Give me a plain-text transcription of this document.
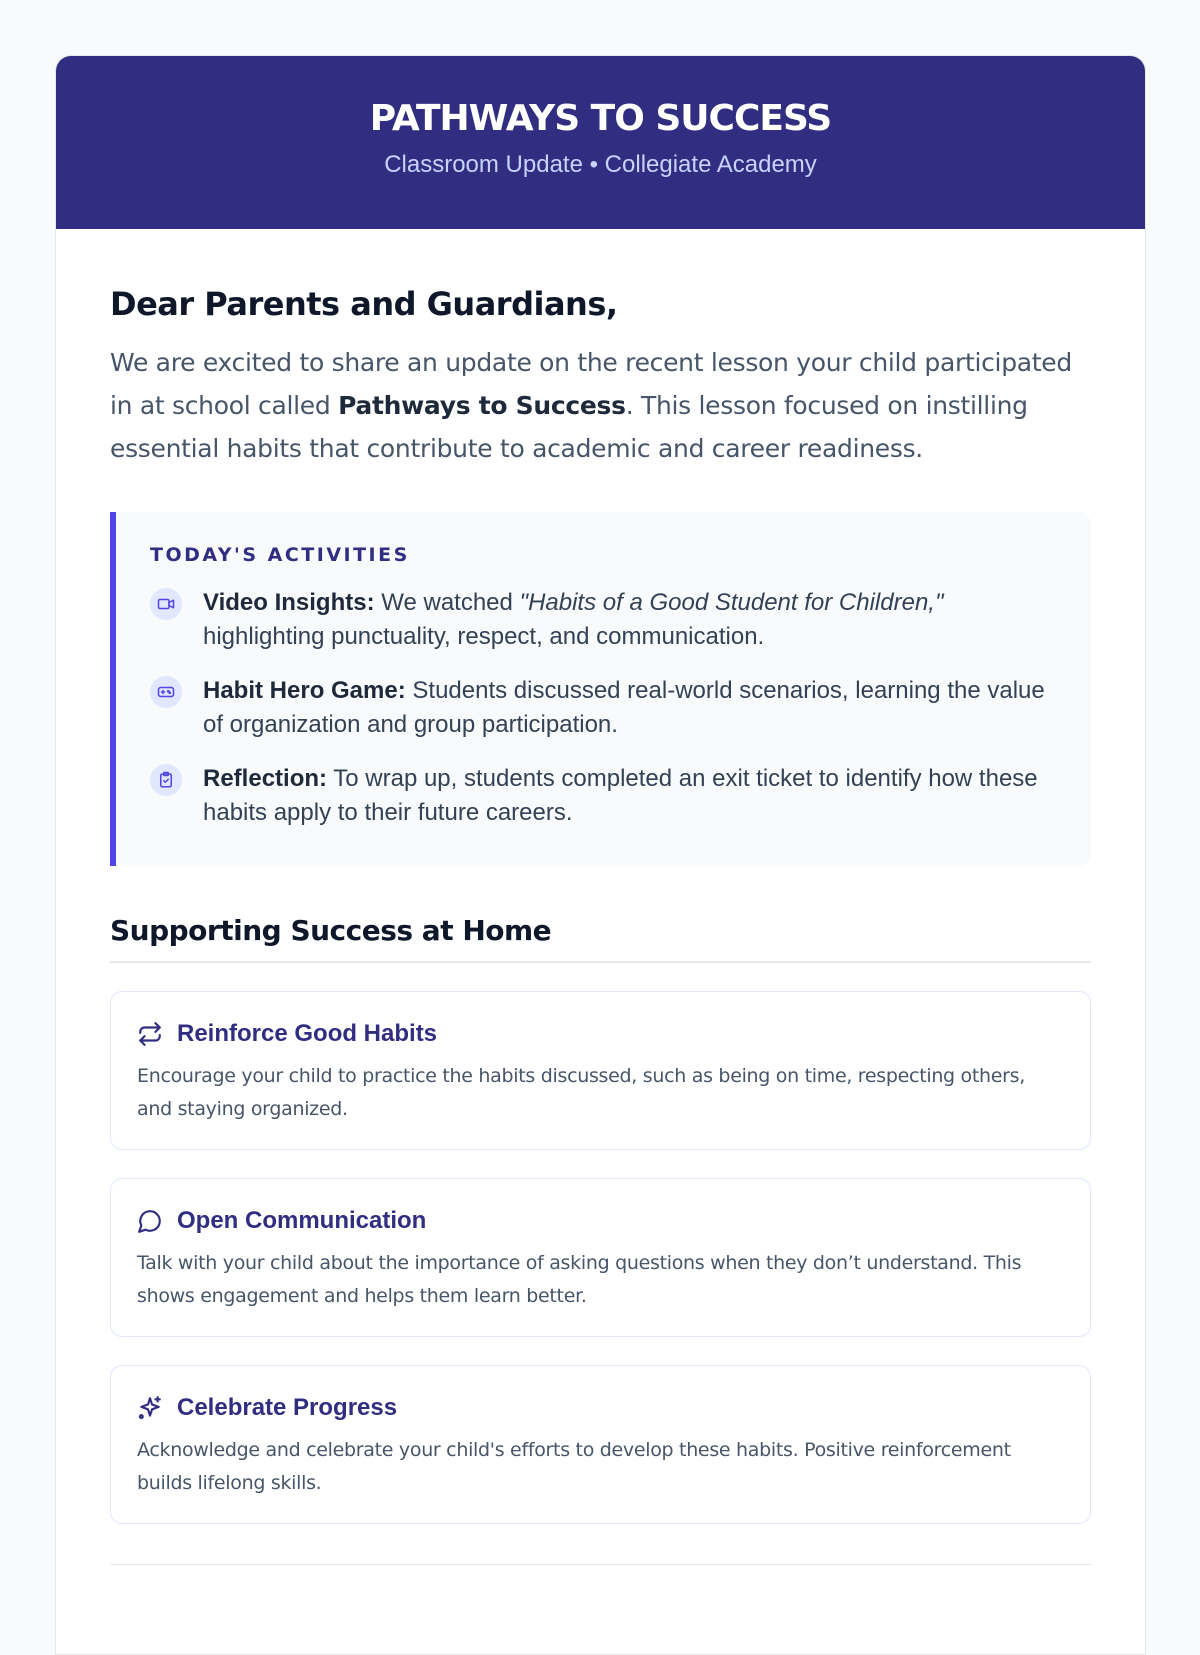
PATHWAYS TO SUCCESS
Classroom Update • Collegiate Academy
Dear Parents and Guardians,

We are excited to share an update on the recent lesson your child participated in at school called Pathways to Success. This lesson focused on instilling essential habits that contribute to academic and career readiness.

TODAY'S ACTIVITIES
Video Insights: We watched "Habits of a Good Student for Children," highlighting punctuality, respect, and communication.
Habit Hero Game: Students discussed real-world scenarios, learning the value of organization and group participation.
Reflection: To wrap up, students completed an exit ticket to identify how these habits apply to their future careers.
Supporting Success at Home
Reinforce Good Habits
Encourage your child to practice the habits discussed, such as being on time, respecting others, and staying organized.
Open Communication
Talk with your child about the importance of asking questions when they don’t understand. This shows engagement and helps them learn better.
Celebrate Progress
Acknowledge and celebrate your child's efforts to develop these habits. Positive reinforcement builds lifelong skills.
